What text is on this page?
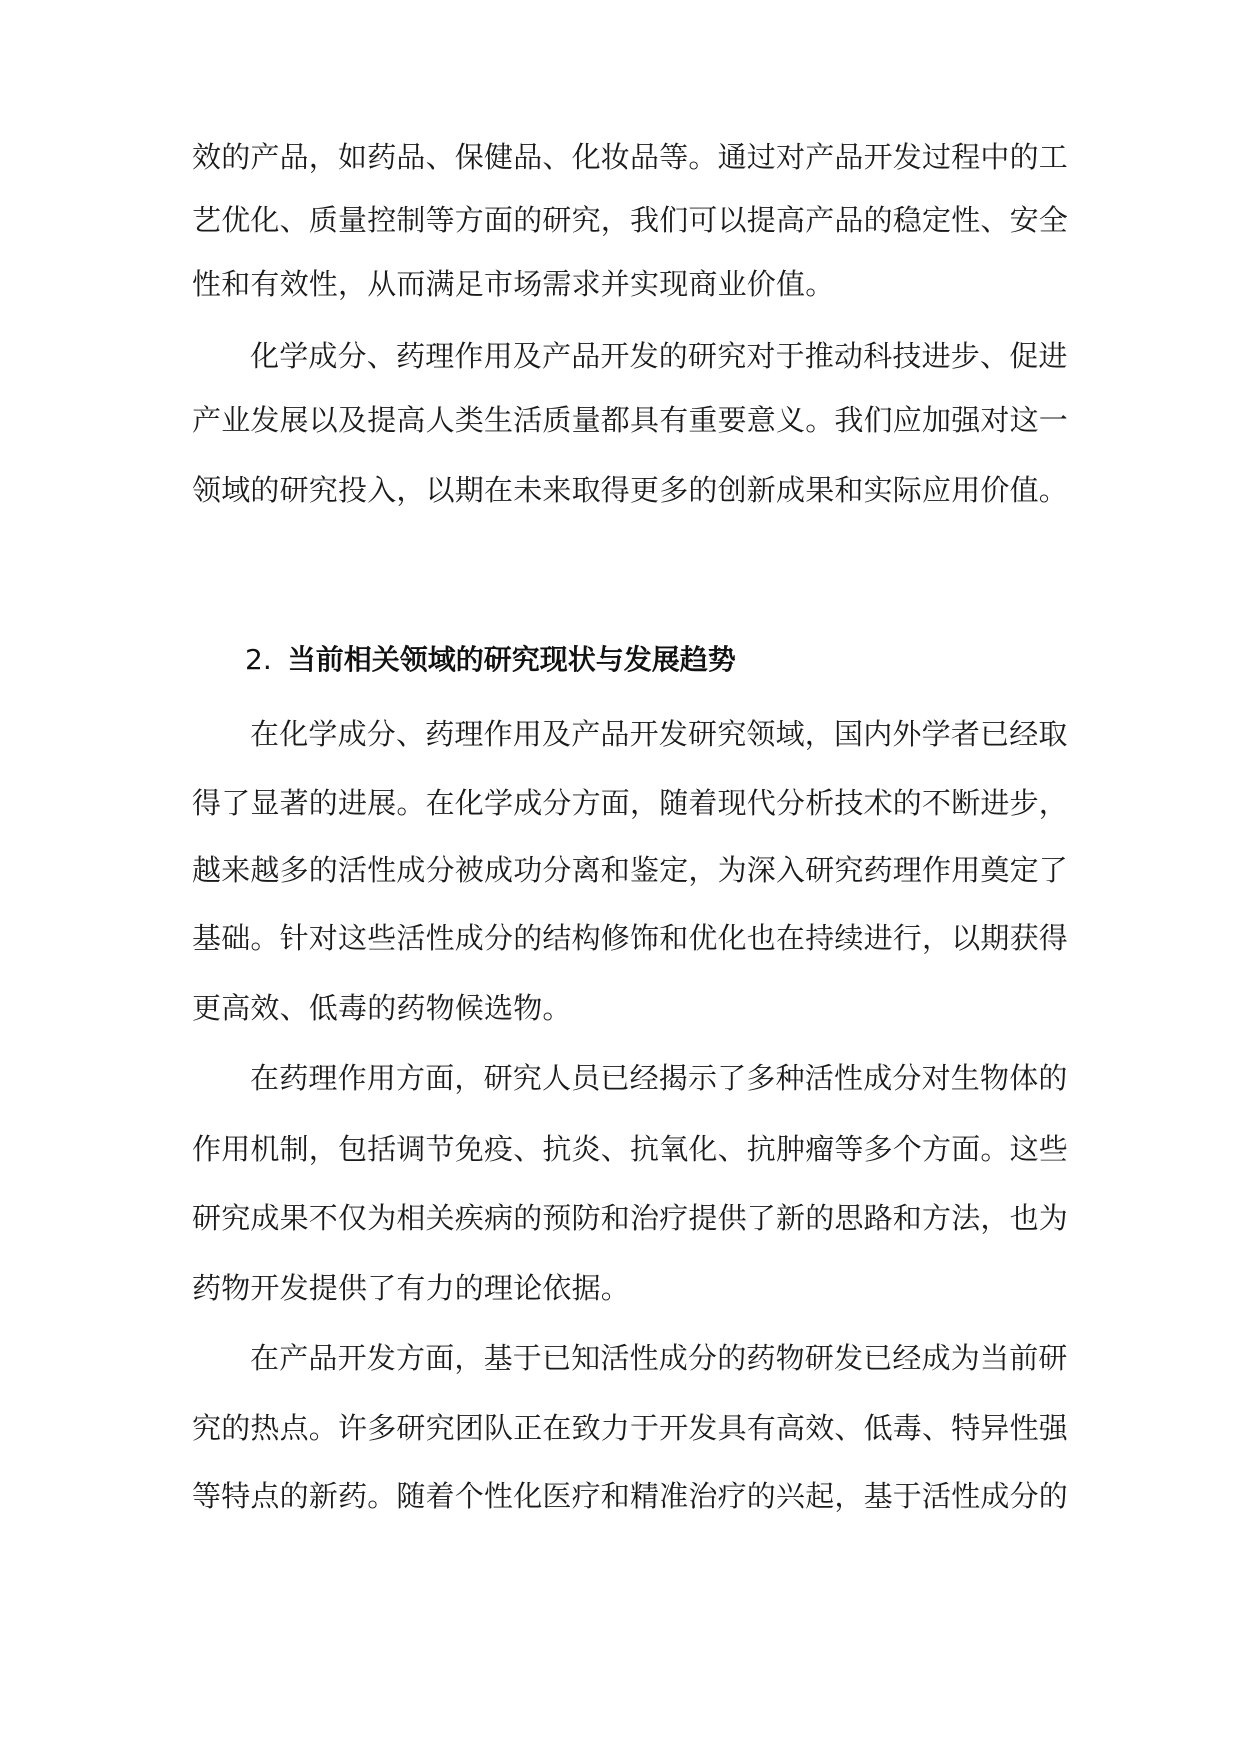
效的产品，如药品、保健品、化妆品等。通过对产品开发过程中的工
艺优化、质量控制等方面的研究，我们可以提高产品的稳定性、安全
性和有效性，从而满足市场需求并实现商业价值。
化学成分、药理作用及产品开发的研究对于推动科技进步、促进
产业发展以及提高人类生活质量都具有重要意义。我们应加强对这一
领域的研究投入，以期在未来取得更多的创新成果和实际应用价值。
2. 当前相关领域的研究现状与发展趋势
在化学成分、药理作用及产品开发研究领域，国内外学者已经取
得了显著的进展。在化学成分方面，随着现代分析技术的不断进步，
越来越多的活性成分被成功分离和鉴定，为深入研究药理作用奠定了
基础。针对这些活性成分的结构修饰和优化也在持续进行，以期获得
更高效、低毒的药物候选物。
在药理作用方面，研究人员已经揭示了多种活性成分对生物体的
作用机制，包括调节免疫、抗炎、抗氧化、抗肿瘤等多个方面。这些
研究成果不仅为相关疾病的预防和治疗提供了新的思路和方法，也为
药物开发提供了有力的理论依据。
在产品开发方面，基于已知活性成分的药物研发已经成为当前研
究的热点。许多研究团队正在致力于开发具有高效、低毒、特异性强
等特点的新药。随着个性化医疗和精准治疗的兴起，基于活性成分的
